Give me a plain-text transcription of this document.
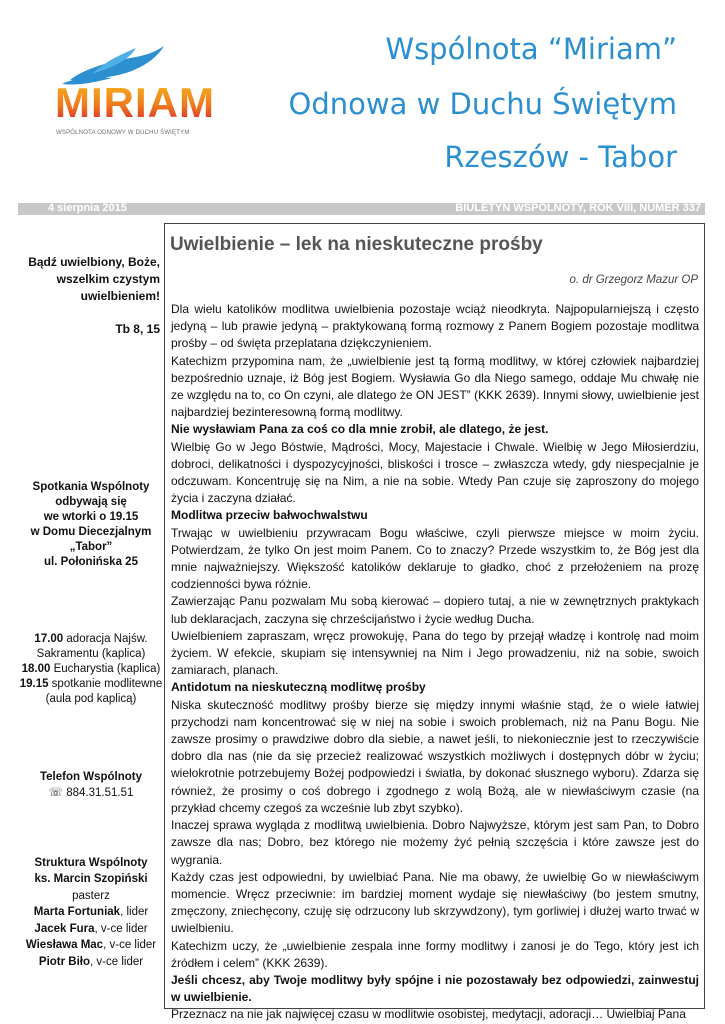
MIRIAM
WSPÓLNOTA ODNOWY W DUCHU ŚWIĘTYM
Wspólnota “Miriam”
Odnowa w Duchu Świętym
Rzeszów - Tabor
4 sierpnia 2015	BIULETYN WSPÓLNOTY, ROK VIII, NUMER 337
Bądź uwielbiony, Boże, wszelkim czystym uwielbieniem!
Tb 8, 15
Spotkania Wspólnoty
odbywają się
we wtorki o 19.15
w Domu Diecezjalnym
„Tabor”
ul. Połonińska 25
17.00 adoracja Najśw. Sakramentu (kaplica)
18.00 Eucharystia (kaplica)
19.15 spotkanie modlitewne (aula pod kaplicą)
Telefon Wspólnoty
☏ 884.31.51.51
Struktura Wspólnoty
ks. Marcin Szopiński
pasterz
Marta Fortuniak, lider
Jacek Fura, v-ce lider
Wiesława Mac, v-ce lider
Piotr Biło, v-ce lider
Uwielbienie – lek na nieskuteczne prośby
o. dr Grzegorz Mazur OP

Dla wielu katolików modlitwa uwielbienia pozostaje wciąż nieodkryta. Najpopularniejszą i często jedyną – lub prawie jedyną – praktykowaną formą rozmowy z Panem Bogiem pozostaje modlitwa prośby – od święta przeplatana dziękczynieniem.

Katechizm przypomina nam, że „uwielbienie jest tą formą modlitwy, w której człowiek najbardziej bezpośrednio uznaje, iż Bóg jest Bogiem. Wysławia Go dla Niego samego, oddaje Mu chwałę nie ze względu na to, co On czyni, ale dlatego że ON JEST” (KKK 2639). Innymi słowy, uwielbienie jest najbardziej bezinteresowną formą modlitwy.

Nie wysławiam Pana za coś co dla mnie zrobił, ale dlatego, że jest.

Wielbię Go w Jego Bóstwie, Mądrości, Mocy, Majestacie i Chwale. Wielbię w Jego Miłosierdziu, dobroci, delikatności i dyspozycyjności, bliskości i trosce – zwłaszcza wtedy, gdy niespecjalnie je odczuwam. Koncentruję się na Nim, a nie na sobie. Wtedy Pan czuje się zaproszony do mojego życia i zaczyna działać.

Modlitwa przeciw bałwochwalstwu

Trwając w uwielbieniu przywracam Bogu właściwe, czyli pierwsze miejsce w moim życiu. Potwierdzam, że tylko On jest moim Panem. Co to znaczy? Przede wszystkim to, że Bóg jest dla mnie najważniejszy. Większość katolików deklaruje to gładko, choć z przełożeniem na prozę codzienności bywa różnie.

Zawierzając Panu pozwalam Mu sobą kierować – dopiero tutaj, a nie w zewnętrznych praktykach lub deklaracjach, zaczyna się chrześcijaństwo i życie według Ducha.

Uwielbieniem zapraszam, wręcz prowokuję, Pana do tego by przejął władzę i kontrolę nad moim życiem. W efekcie, skupiam się intensywniej na Nim i Jego prowadzeniu, niż na sobie, swoich zamiarach, planach.

Antidotum na nieskuteczną modlitwę prośby

Niska skuteczność modlitwy prośby bierze się między innymi właśnie stąd, że o wiele łatwiej przychodzi nam koncentrować się w niej na sobie i swoich problemach, niż na Panu Bogu. Nie zawsze prosimy o prawdziwe dobro dla siebie, a nawet jeśli, to niekoniecznie jest to rzeczywiście dobro dla nas (nie da się przecież realizować wszystkich możliwych i dostępnych dóbr w życiu; wielokrotnie potrzebujemy Bożej podpowiedzi i światła, by dokonać słusznego wyboru). Zdarza się również, że prosimy o coś dobrego i zgodnego z wolą Bożą, ale w niewłaściwym czasie (na przykład chcemy czegoś za wcześnie lub zbyt szybko).

Inaczej sprawa wygląda z modlitwą uwielbienia. Dobro Najwyższe, którym jest sam Pan, to Dobro zawsze dla nas; Dobro, bez którego nie możemy żyć pełnią szczęścia i które zawsze jest do wygrania.

Każdy czas jest odpowiedni, by uwielbiać Pana. Nie ma obawy, że uwielbię Go w niewłaściwym momencie. Wręcz przeciwnie: im bardziej moment wydaje się niewłaściwy (bo jestem smutny, zmęczony, zniechęcony, czuję się odrzucony lub skrzywdzony), tym gorliwiej i dłużej warto trwać w uwielbieniu.

Katechizm uczy, że „uwielbienie zespala inne formy modlitwy i zanosi je do Tego, który jest ich źródłem i celem” (KKK 2639).

Jeśli chcesz, aby Twoje modlitwy były spójne i nie pozostawały bez odpowiedzi, zainwestuj w uwielbienie.

Przeznacz na nie jak najwięcej czasu w modlitwie osobistej, medytacji, adoracji… Uwielbiaj Pana
